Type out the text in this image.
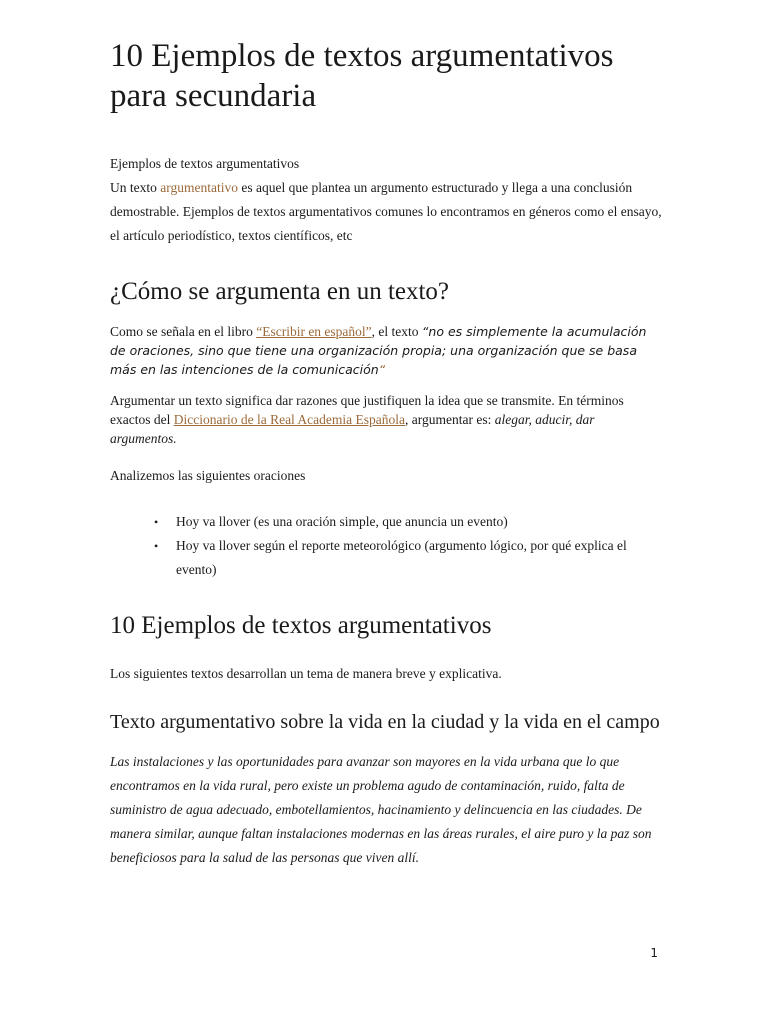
10 Ejemplos de textos argumentativos para secundaria

Ejemplos de textos argumentativos

Un texto argumentativo es aquel que plantea un argumento estructurado y llega a una conclusión demostrable. Ejemplos de textos argumentativos comunes lo encontramos en géneros como el ensayo, el artículo periodístico, textos científicos, etc

¿Cómo se argumenta en un texto?

Como se señala en el libro “Escribir en español”, el texto “no es simplemente la acumulación de oraciones, sino que tiene una organización propia; una organización que se basa más en las intenciones de la comunicación“

Argumentar un texto significa dar razones que justifiquen la idea que se transmite. En términos exactos del Diccionario de la Real Academia Española, argumentar es: alegar, aducir, dar argumentos.

Analizemos las siguientes oraciones

• Hoy va llover (es una oración simple, que anuncia un evento)
• Hoy va llover según el reporte meteorológico (argumento lógico, por qué explica el evento)
10 Ejemplos de textos argumentativos

Los siguientes textos desarrollan un tema de manera breve y explicativa.

Texto argumentativo sobre la vida en la ciudad y la vida en el campo

Las instalaciones y las oportunidades para avanzar son mayores en la vida urbana que lo que encontramos en la vida rural, pero existe un problema agudo de contaminación, ruido, falta de suministro de agua adecuado, embotellamientos, hacinamiento y delincuencia en las ciudades. De manera similar, aunque faltan instalaciones modernas en las áreas rurales, el aire puro y la paz son beneficiosos para la salud de las personas que viven allí.

1
